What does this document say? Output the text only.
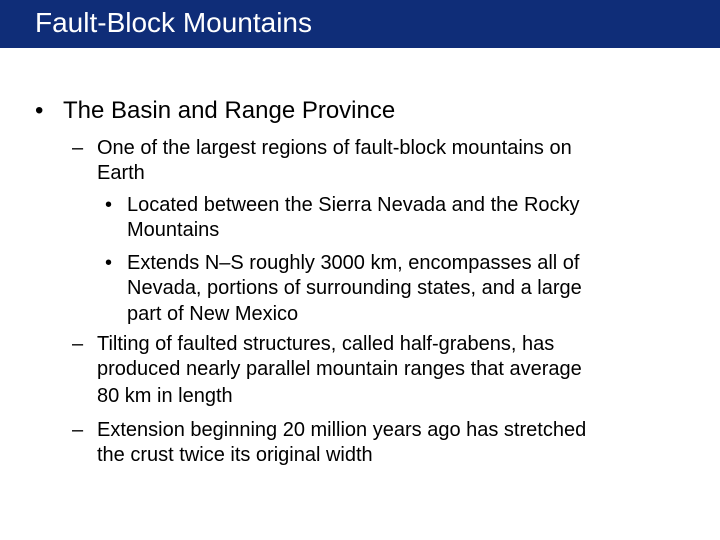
Fault-Block Mountains
• The Basin and Range Province
– One of the largest regions of fault-block mountains on
Earth
• Located between the Sierra Nevada and the Rocky
Mountains
• Extends N–S roughly 3000 km, encompasses all of
Nevada, portions of surrounding states, and a large
part of New Mexico
– Tilting of faulted structures, called half-grabens, has
produced nearly parallel mountain ranges that average
80 km in length
– Extension beginning 20 million years ago has stretched
the crust twice its original width
